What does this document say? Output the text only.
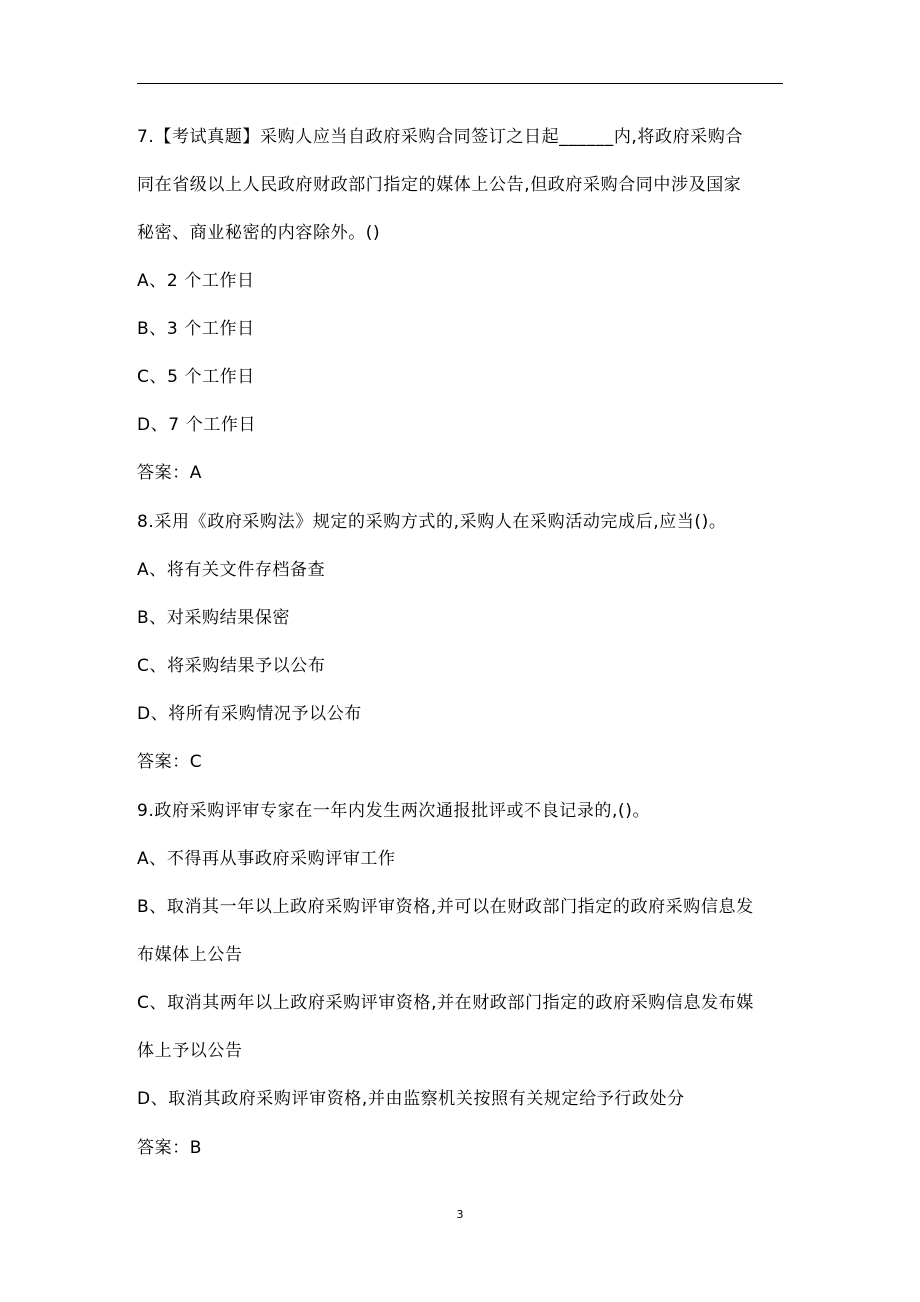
7.【考试真题】采购人应当自政府采购合同签订之日起______内,将政府采购合
同在省级以上人民政府财政部门指定的媒体上公告,但政府采购合同中涉及国家
秘密、商业秘密的内容除外。()
A、2 个工作日
B、3 个工作日
C、5 个工作日
D、7 个工作日
答案：A
8.采用《政府采购法》规定的采购方式的,采购人在采购活动完成后,应当()。
A、将有关文件存档备查
B、对采购结果保密
C、将采购结果予以公布
D、将所有采购情况予以公布
答案：C
9.政府采购评审专家在一年内发生两次通报批评或不良记录的,()。
A、不得再从事政府采购评审工作
B、取消其一年以上政府采购评审资格,并可以在财政部门指定的政府采购信息发
布媒体上公告
C、取消其两年以上政府采购评审资格,并在财政部门指定的政府采购信息发布媒
体上予以公告
D、取消其政府采购评审资格,并由监察机关按照有关规定给予行政处分
答案：B
3
